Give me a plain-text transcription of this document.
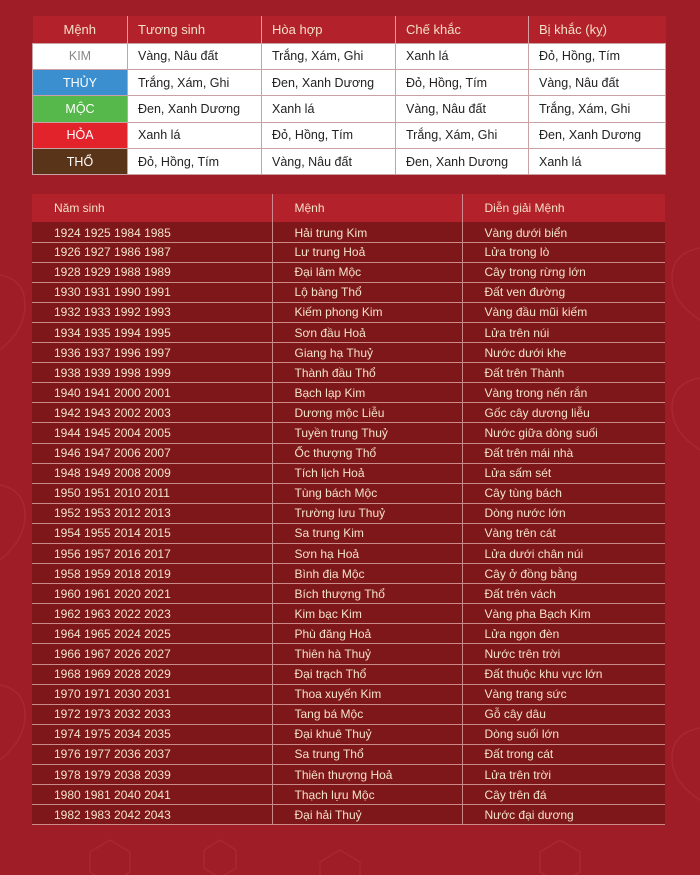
Mệnh	Tương sinh	Hòa hợp	Chế khắc	Bị khắc (kỵ)
KIM	Vàng, Nâu đất	Trắng, Xám, Ghi	Xanh lá	Đỏ, Hồng, Tím
THỦY	Trắng, Xám, Ghi	Đen, Xanh Dương	Đỏ, Hồng, Tím	Vàng, Nâu đất
MỘC	Đen, Xanh Dương	Xanh lá	Vàng, Nâu đất	Trắng, Xám, Ghi
HỎA	Xanh lá	Đỏ, Hồng, Tím	Trắng, Xám, Ghi	Đen, Xanh Dương
THỔ	Đỏ, Hồng, Tím	Vàng, Nâu đất	Đen, Xanh Dương	Xanh lá
Năm sinh	Mệnh	Diễn giải Mệnh
1924 1925 1984 1985	Hải trung Kim	Vàng dưới biển
1926 1927 1986 1987	Lư trung Hoả	Lửa trong lò
1928 1929 1988 1989	Đại lâm Mộc	Cây trong rừng lớn
1930 1931 1990 1991	Lộ bàng Thổ	Đất ven đường
1932 1933 1992 1993	Kiếm phong Kim	Vàng đầu mũi kiếm
1934 1935 1994 1995	Sơn đầu Hoả	Lửa trên núi
1936 1937 1996 1997	Giang hạ Thuỷ	Nước dưới khe
1938 1939 1998 1999	Thành đầu Thổ	Đất trên Thành
1940 1941 2000 2001	Bạch lạp Kim	Vàng trong nến rắn
1942 1943 2002 2003	Dương mộc Liễu	Gốc cây dương liễu
1944 1945 2004 2005	Tuyền trung Thuỷ	Nước giữa dòng suối
1946 1947 2006 2007	Ốc thượng Thổ	Đất trên mái nhà
1948 1949 2008 2009	Tích lịch Hoả	Lửa sấm sét
1950 1951 2010 2011	Tùng bách Mộc	Cây tùng bách
1952 1953 2012 2013	Trường lưu Thuỷ	Dòng nước lớn
1954 1955 2014 2015	Sa trung Kim	Vàng trên cát
1956 1957 2016 2017	Sơn hạ Hoả	Lửa dưới chân núi
1958 1959 2018 2019	Bình địa Mộc	Cây ở đồng bằng
1960 1961 2020 2021	Bích thượng Thổ	Đất trên vách
1962 1963 2022 2023	Kim bạc Kim	Vàng pha Bạch Kim
1964 1965 2024 2025	Phù đăng Hoả	Lửa ngọn đèn
1966 1967 2026 2027	Thiên hà Thuỷ	Nước trên trời
1968 1969 2028 2029	Đại trạch Thổ	Đất thuộc khu vực lớn
1970 1971 2030 2031	Thoa xuyến Kim	Vàng trang sức
1972 1973 2032 2033	Tang bá Mộc	Gỗ cây dâu
1974 1975 2034 2035	Đại khuê Thuỷ	Dòng suối lớn
1976 1977 2036 2037	Sa trung Thổ	Đất trong cát
1978 1979 2038 2039	Thiên thượng Hoả	Lửa trên trời
1980 1981 2040 2041	Thạch lựu Mộc	Cây trên đá
1982 1983 2042 2043	Đại hải Thuỷ	Nước đại dương
